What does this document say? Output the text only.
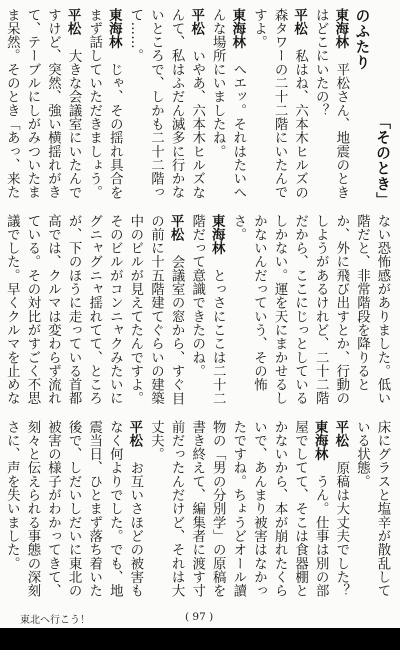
「そのとき」のふたり

東海林　平松さん、地震のときはどこにいたの？

平松　私はね、六本木ヒルズの森タワーの二十二階にいたんですよ。

東海林　へエッ。それはたいへんな場所にいましたね。

平松　いやあ、六本木ヒルズなんて、私はふだん滅多に行かないところで、しかも二十二階って……。

東海林　じゃ、その揺れ具合をまず話していただきましょう。

平松　大きな会議室にいたんですけど、突然、強い横揺れがきて、テーブルにしがみついたまま呆然。そのとき「あっ、来た

ない恐怖感がありました。低い階だと、非常階段を降りるとか、外に飛び出すとか、行動のしようがあるけれど、二十二階だから、ここにじっとしているしかない。運を天にまかせるしかないんだっていう、その怖さ。

東海林　とっさにここは二十二階だって意識できたのね。

平松　会議室の窓から、すぐ目の前に十五階建てぐらいの建築中のビルが見えてたんですよ。そのビルがコンニャクみたいにグニャグニャ揺れてて、ところが、下のほうに走っている首都高では、クルマは変わらず流れている。その対比がすごく不思議でした。早くクルマを止めな　

床にグラスと塩辛が散乱している状態。

平松　原稿は大丈夫でした？

東海林　うん。仕事は別の部屋でしてて、そこは食器棚とかないから、本が崩れたくらいで、あんまり被害はなかったですね。ちょうどオール讀物の「男の分別学」の原稿を書き終えて、編集者に渡す寸前だったんだけど、それは大丈夫。

平松　お互いさほどの被害もなく何よりでした。でも、地震当日、ひとまず落ち着いた後で、しだいしだいに東北の被害の様子がわかってきて、刻々と伝えられる事態の深刻さに、声を失いました。

東北へ行こう！	( 97 )
